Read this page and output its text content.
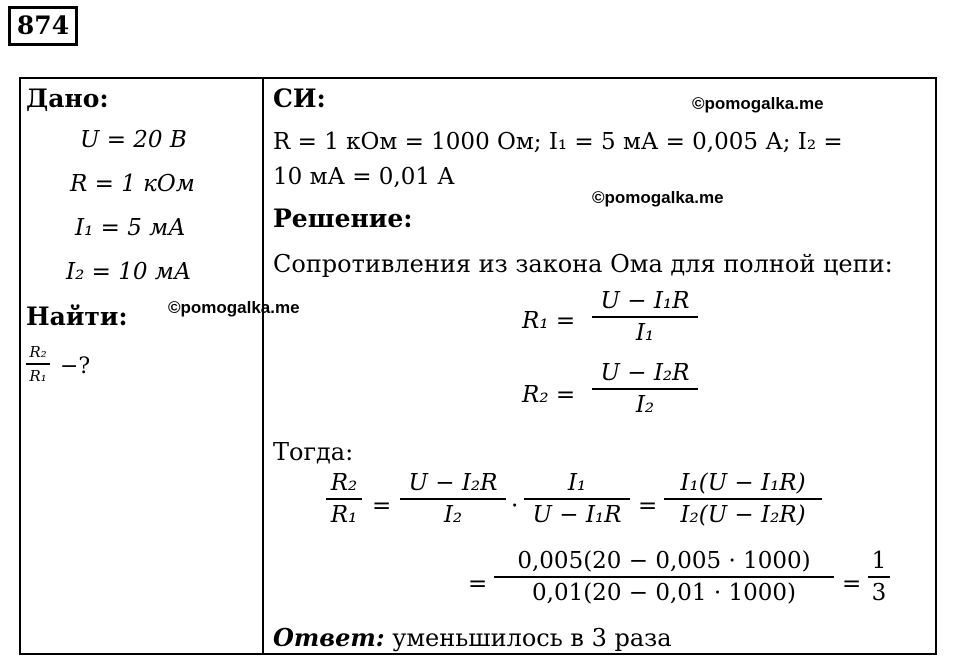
874
Дано:
U = 20 В
R = 1 кОм
I₁ = 5 мА
I₂ = 10 мА
Найти:
R₂
R₁ −?
©pomogalka.me
©pomogalka.me
©pomogalka.me
СИ:
R = 1 кОм = 1000 Ом; I₁ = 5 мА = 0,005 А; I₂ =
10 мА = 0,01 А
Решение:
Сопротивления из закона Ома для полной цепи:
R₁ =
U − I₁R
I₁
R₂ =
U − I₂R
I₂
Тогда:
R₂
R₁ =
U − I₂R
I₂	·
I₁
U − I₁R =
I₁(U − I₁R)
I₂(U − I₂R)
=
0,005(20 − 0,005 · 1000)
0,01(20 − 0,01 · 1000)	=
1
3
Ответ: уменьшилось в 3 раза
